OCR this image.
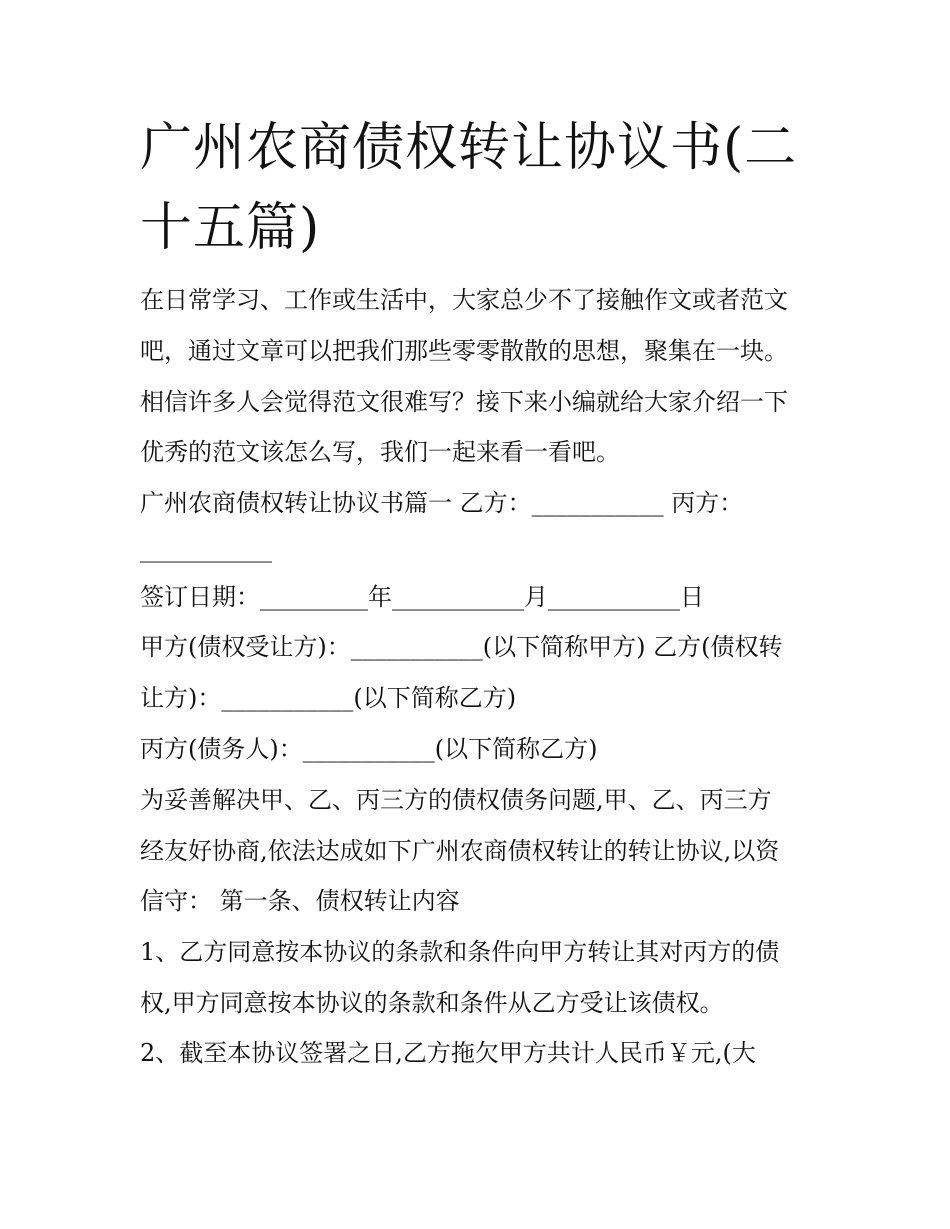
广州农商债权转让协议书(二十五篇)

在日常学习、工作或生活中，大家总少不了接触作文或者范文

吧，通过文章可以把我们那些零零散散的思想，聚集在一块。

相信许多人会觉得范文很难写？接下来小编就给大家介绍一下

优秀的范文该怎么写，我们一起来看一看吧。

广州农商债权转让协议书篇一 乙方：___________ 丙方：

___________

签订日期：_________年___________月___________日

甲方(债权受让方)：___________(以下简称甲方) 乙方(债权转

让方)：___________(以下简称乙方)

丙方(债务人)：___________(以下简称乙方)

为妥善解决甲、乙、丙三方的债权债务问题,甲、乙、丙三方

经友好协商,依法达成如下广州农商债权转让的转让协议,以资

信守： 第一条、债权转让内容

1、乙方同意按本协议的条款和条件向甲方转让其对丙方的债

权,甲方同意按本协议的条款和条件从乙方受让该债权。

2、截至本协议签署之日,乙方拖欠甲方共计人民币￥元,(大
